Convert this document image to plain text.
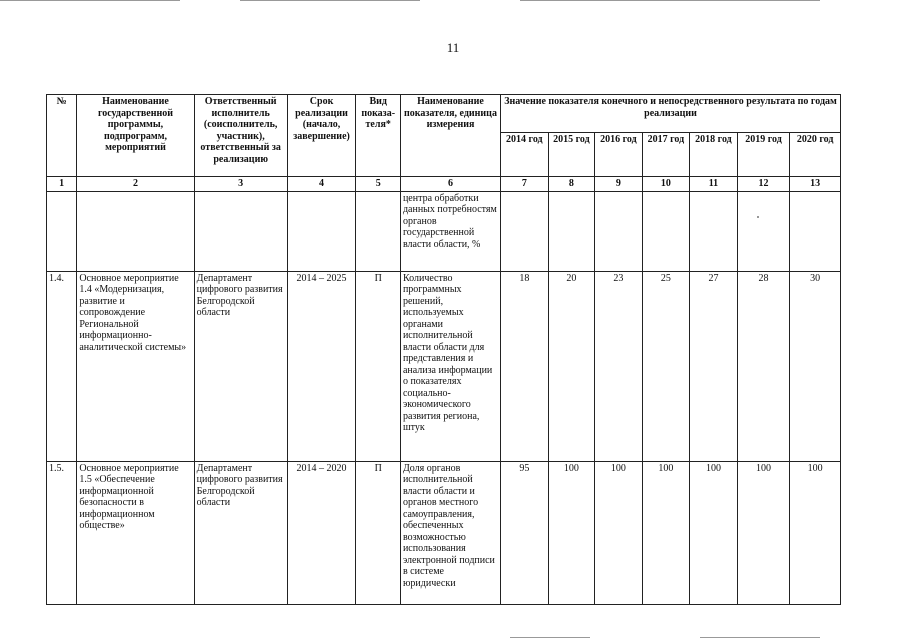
11
№	Наименование государственной программы, подпрограмм, мероприятий	Ответственный исполнитель (соисполнитель, участник), ответственный за реализацию	Срок реализации (начало, завершение)	Вид показа- теля*	Наименование показателя, единица измерения	Значение показателя конечного и непосредственного результата по годам реализации						
						2014 год	2015 год	2016 год	2017 год	2018 год	2019 год	2020 год
1	2	3	4	5	6	7	8	9	10	11	12	13
					центра обработки данных потребностям органов государственной власти области, %							
1.4.	Основное мероприятие 1.4 «Модернизация, развитие и сопровождение Региональной информационно-аналитической системы»	Департамент цифрового развития Белгородской области	2014 – 2025	П	Количество программных решений, используемых органами исполнительной власти области для представления и анализа информации о показателях социально-экономического развития региона, штук	18	20	23	25	27	28	30
1.5.	Основное мероприятие 1.5 «Обеспечение информационной безопасности в информационном обществе»	Департамент цифрового развития Белгородской области	2014 – 2020	П	Доля органов исполнительной власти области и органов местного самоуправления, обеспеченных возможностью использования электронной подписи в системе юридически	95	100	100	100	100	100	100
